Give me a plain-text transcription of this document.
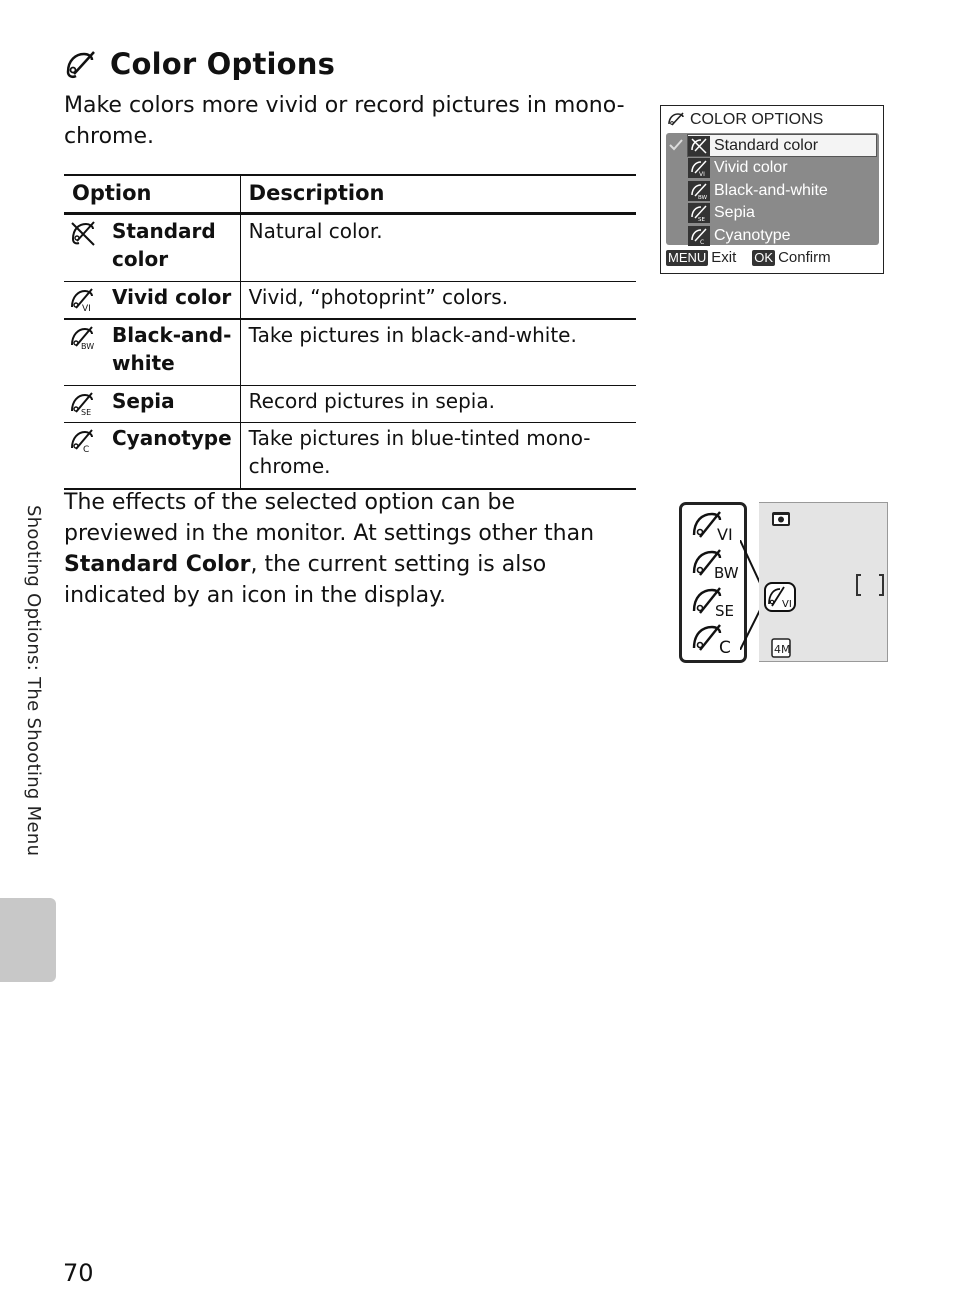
Color Options

Make colors more vivid or record pictures in mono-chrome.

Option	Description

Standard color	Natural color.

VI Vivid color	Vivid, “photoprint” colors.

BW Black-and-white	Take pictures in black-and-white.

SE Sepia	Record pictures in sepia.

C Cyanotype	Take pictures in blue-tinted mono-chrome.

The effects of the selected option can be previewed in the monitor. At settings other than Standard Color, the current setting is also indicated by an icon in the display.

COLOR OPTIONS
Standard color
VI Vivid color
BW Black-and-white
SE Sepia
C Cyanotype
MENU Exit OK Confirm
VI
BW
SE
C
VI
4M
Shooting Options: The Shooting Menu
70
